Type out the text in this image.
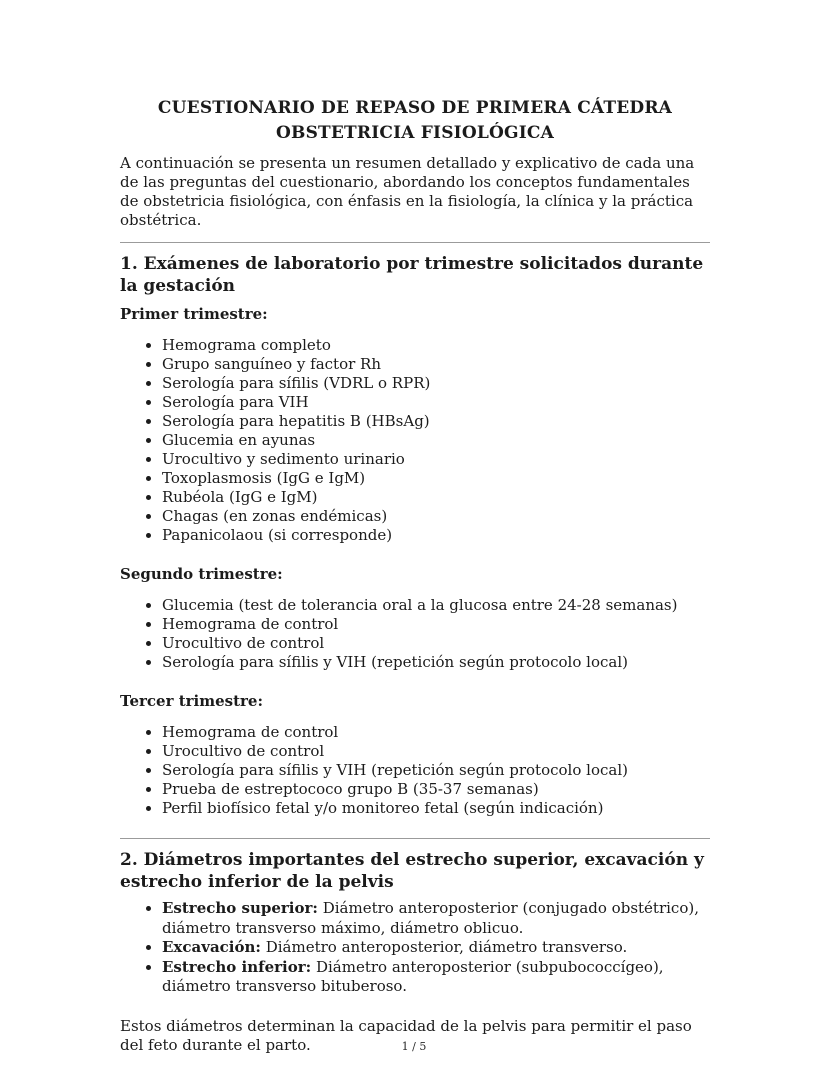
CUESTIONARIO DE REPASO DE PRIMERA CÁTEDRA
OBSTETRICIA FISIOLÓGICA

A continuación se presenta un resumen detallado y explicativo de cada una de las preguntas del cuestionario, abordando los conceptos fundamentales de obstetricia fisiológica, con énfasis en la fisiología, la clínica y la práctica obstétrica.

1. Exámenes de laboratorio por trimestre solicitados durante la gestación
Primer trimestre:
• Hemograma completo
• Grupo sanguíneo y factor Rh
• Serología para sífilis (VDRL o RPR)
• Serología para VIH
• Serología para hepatitis B (HBsAg)
• Glucemia en ayunas
• Urocultivo y sedimento urinario
• Toxoplasmosis (IgG e IgM)
• Rubéola (IgG e IgM)
• Chagas (en zonas endémicas)
• Papanicolaou (si corresponde)
Segundo trimestre:
• Glucemia (test de tolerancia oral a la glucosa entre 24-28 semanas)
• Hemograma de control
• Urocultivo de control
• Serología para sífilis y VIH (repetición según protocolo local)
Tercer trimestre:
• Hemograma de control
• Urocultivo de control
• Serología para sífilis y VIH (repetición según protocolo local)
• Prueba de estreptococo grupo B (35-37 semanas)
• Perfil biofísico fetal y/o monitoreo fetal (según indicación)
2. Diámetros importantes del estrecho superior, excavación y estrecho inferior de la pelvis
• Estrecho superior: Diámetro anteroposterior (conjugado obstétrico), diámetro transverso máximo, diámetro oblicuo.
• Excavación: Diámetro anteroposterior, diámetro transverso.
• Estrecho inferior: Diámetro anteroposterior (subpubococcígeo), diámetro transverso bituberoso.

Estos diámetros determinan la capacidad de la pelvis para permitir el paso del feto durante el parto.	1 / 5
